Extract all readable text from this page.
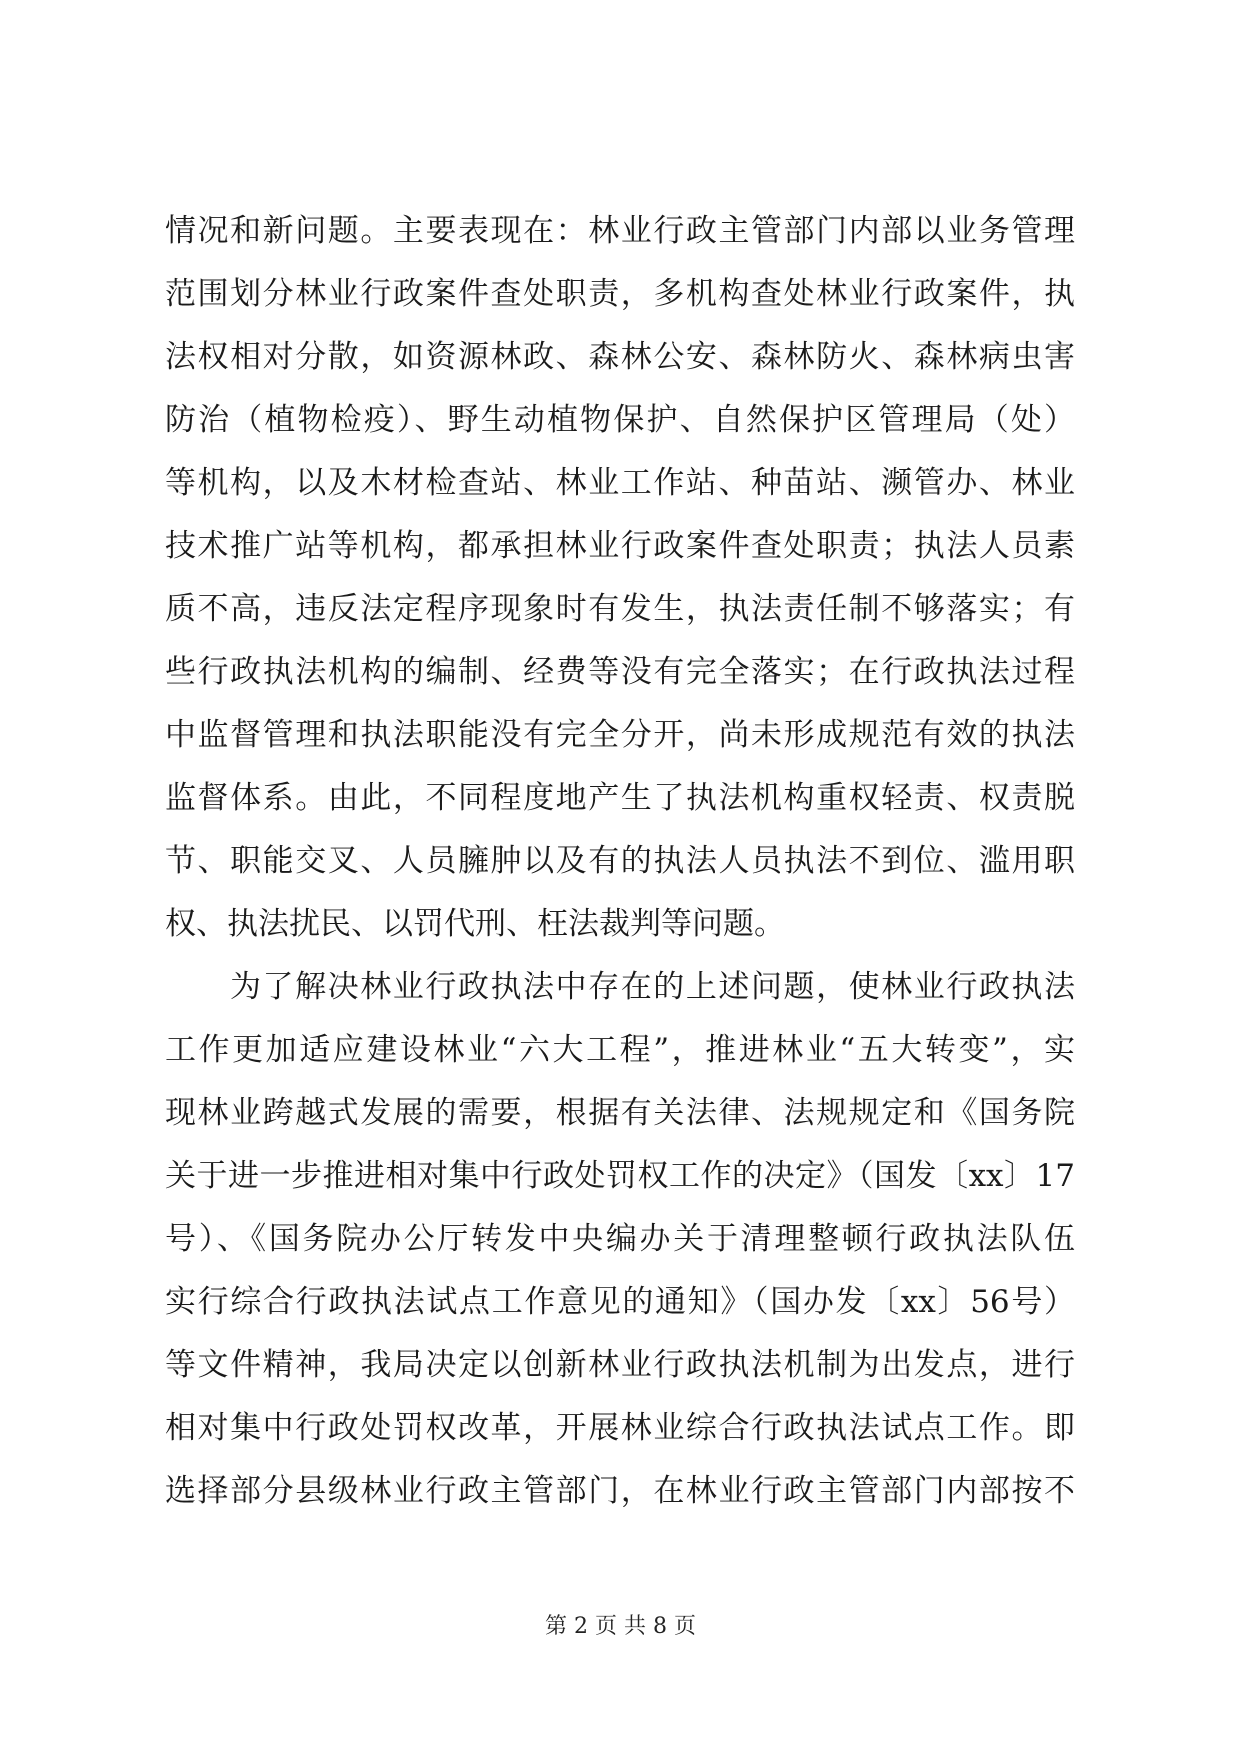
情况和新问题。主要表现在：林业行政主管部门内部以业务管理
范围划分林业行政案件查处职责，多机构查处林业行政案件，执
法权相对分散，如资源林政、森林公安、森林防火、森林病虫害
防治（植物检疫）、野生动植物保护、自然保护区管理局（处）
等机构，以及木材检查站、林业工作站、种苗站、濒管办、林业
技术推广站等机构，都承担林业行政案件查处职责；执法人员素
质不高，违反法定程序现象时有发生，执法责任制不够落实；有
些行政执法机构的编制、经费等没有完全落实；在行政执法过程
中监督管理和执法职能没有完全分开，尚未形成规范有效的执法
监督体系。由此，不同程度地产生了执法机构重权轻责、权责脱
节、职能交叉、人员臃肿以及有的执法人员执法不到位、滥用职
权、执法扰民、以罚代刑、枉法裁判等问题。
为了解决林业行政执法中存在的上述问题，使林业行政执法
工作更加适应建设林业“六大工程”，推进林业“五大转变”，实
现林业跨越式发展的需要，根据有关法律、法规规定和《国务院
关于进一步推进相对集中行政处罚权工作的决定》（国发〔xx〕17
号）、《国务院办公厅转发中央编办关于清理整顿行政执法队伍
实行综合行政执法试点工作意见的通知》（国办发〔xx〕56号）
等文件精神，我局决定以创新林业行政执法机制为出发点，进行
相对集中行政处罚权改革，开展林业综合行政执法试点工作。即
选择部分县级林业行政主管部门，在林业行政主管部门内部按不
第 2 页 共 8 页
